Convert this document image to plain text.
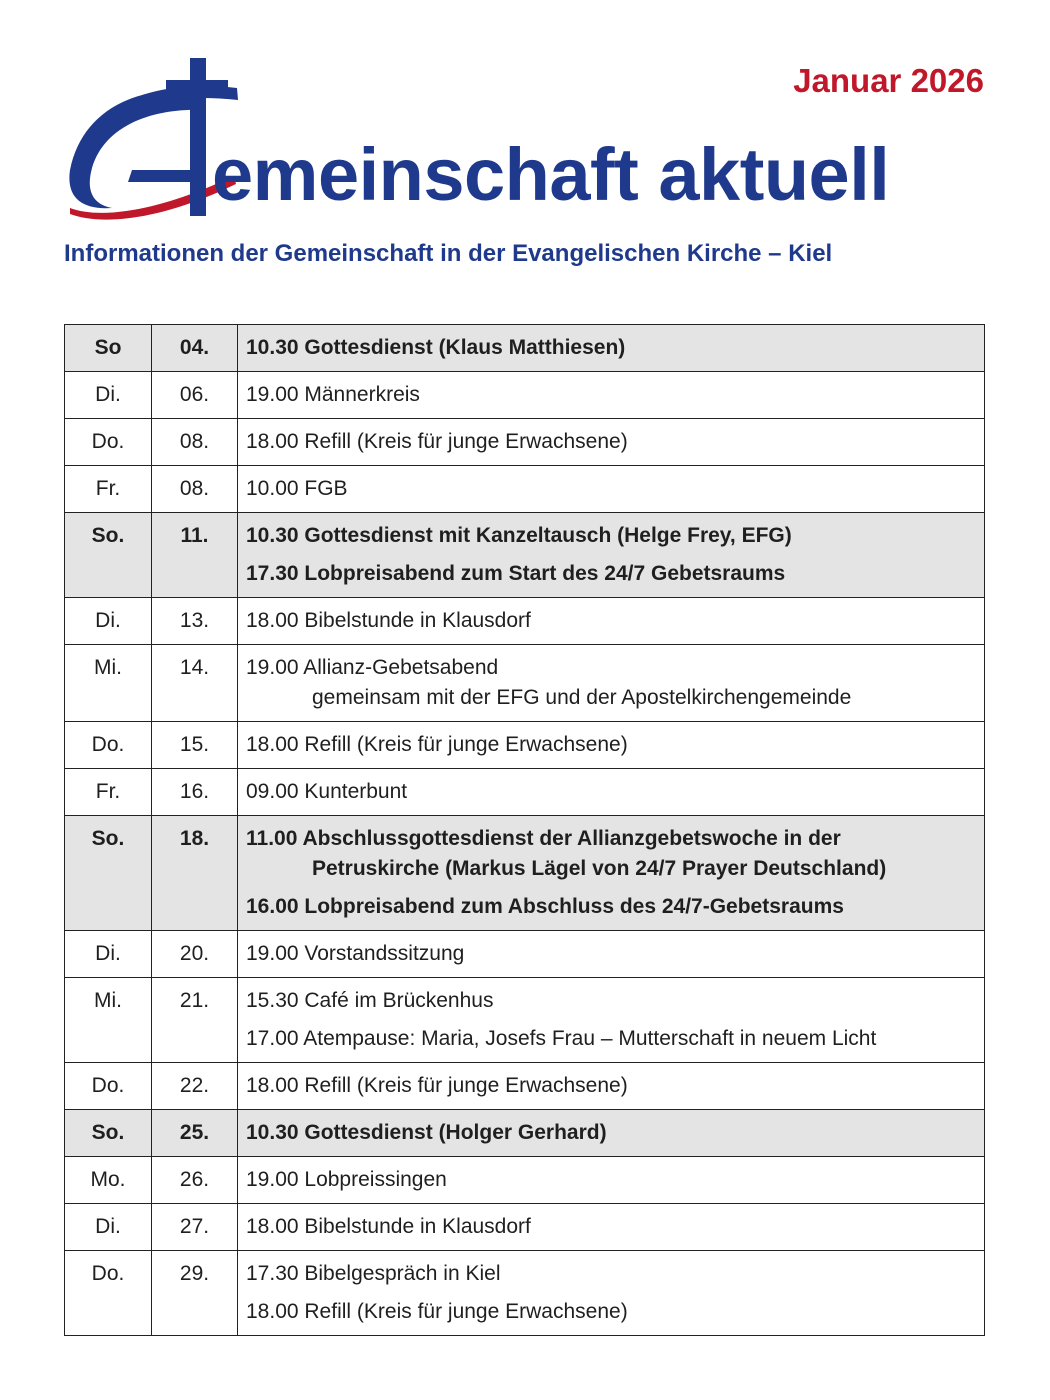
Januar 2026
emeinschaft aktuell
Informationen der Gemeinschaft in der Evangelischen Kirche – Kiel
So	04.	10.30 Gottesdienst (Klaus Matthiesen)

Di.	06.	19.00 Männerkreis

Do.	08.	18.00 Refill (Kreis für junge Erwachsene)

Fr.	08.	10.00 FGB

So.	11.	10.30 Gottesdienst mit Kanzeltausch (Helge Frey, EFG)
17.30 Lobpreisabend zum Start des 24/7 Gebetsraums

Di.	13.	18.00 Bibelstunde in Klausdorf

Mi.	14.	19.00 Allianz-Gebetsabend
gemeinsam mit der EFG und der Apostelkirchengemeinde

Do.	15.	18.00 Refill (Kreis für junge Erwachsene)

Fr.	16.	09.00 Kunterbunt

So.	18.	11.00 Abschlussgottesdienst der Allianzgebetswoche in der
Petruskirche (Markus Lägel von 24/7 Prayer Deutschland)
16.00 Lobpreisabend zum Abschluss des 24/7-Gebetsraums

Di.	20.	19.00 Vorstandssitzung

Mi.	21.	15.30 Café im Brückenhus
17.00 Atempause: Maria, Josefs Frau – Mutterschaft in neuem Licht

Do.	22.	18.00 Refill (Kreis für junge Erwachsene)

So.	25.	10.30 Gottesdienst (Holger Gerhard)

Mo.	26.	19.00 Lobpreissingen

Di.	27.	18.00 Bibelstunde in Klausdorf

Do.	29.	17.30 Bibelgespräch in Kiel
18.00 Refill (Kreis für junge Erwachsene)
